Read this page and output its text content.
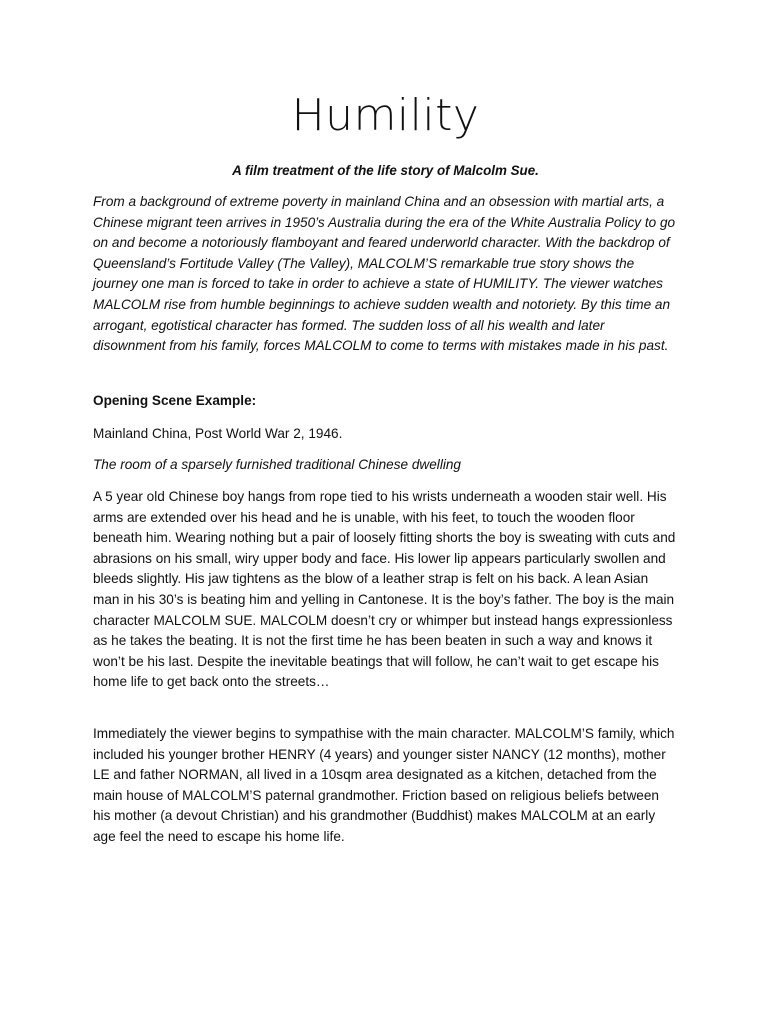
Humility

A film treatment of the life story of Malcolm Sue.

From a background of extreme poverty in mainland China and an obsession with martial arts, a Chinese migrant teen arrives in 1950’s Australia during the era of the White Australia Policy to go on and become a notoriously flamboyant and feared underworld character. With the backdrop of Queensland’s Fortitude Valley (The Valley), MALCOLM’S remarkable true story shows the journey one man is forced to take in order to achieve a state of HUMILITY. The viewer watches MALCOLM rise from humble beginnings to achieve sudden wealth and notoriety. By this time an arrogant, egotistical character has formed. The sudden loss of all his wealth and later disownment from his family, forces MALCOLM to come to terms with mistakes made in his past.

Opening Scene Example:

Mainland China, Post World War 2, 1946.

The room of a sparsely furnished traditional Chinese dwelling

A 5 year old Chinese boy hangs from rope tied to his wrists underneath a wooden stair well. His arms are extended over his head and he is unable, with his feet, to touch the wooden floor beneath him. Wearing nothing but a pair of loosely fitting shorts the boy is sweating with cuts and abrasions on his small, wiry upper body and face. His lower lip appears particularly swollen and bleeds slightly. His jaw tightens as the blow of a leather strap is felt on his back. A lean Asian man in his 30’s is beating him and yelling in Cantonese. It is the boy’s father. The boy is the main character MALCOLM SUE. MALCOLM doesn’t cry or whimper but instead hangs expressionless as he takes the beating. It is not the first time he has been beaten in such a way and knows it won’t be his last. Despite the inevitable beatings that will follow, he can’t wait to get escape his home life to get back onto the streets…

Immediately the viewer begins to sympathise with the main character. MALCOLM’S family, which included his younger brother HENRY (4 years) and younger sister NANCY (12 months), mother LE and father NORMAN, all lived in a 10sqm area designated as a kitchen, detached from the main house of MALCOLM’S paternal grandmother. Friction based on religious beliefs between his mother (a devout Christian) and his grandmother (Buddhist) makes MALCOLM at an early age feel the need to escape his home life.
